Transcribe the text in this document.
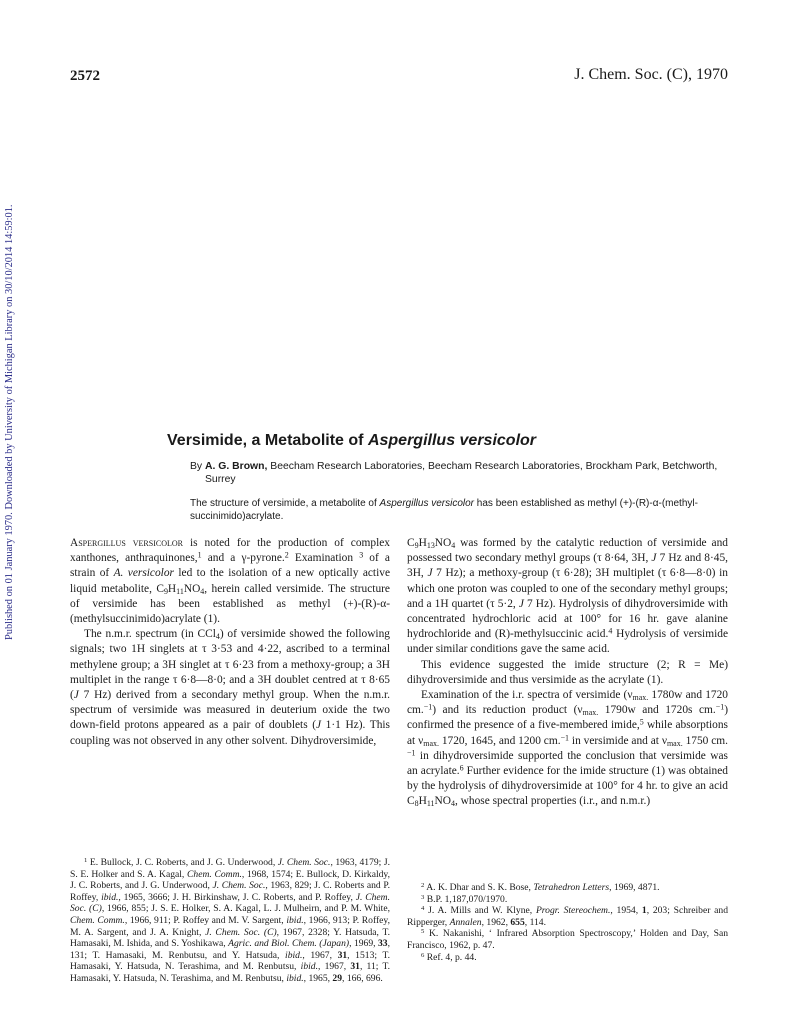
2572	J. Chem. Soc. (C), 1970
Published on 01 January 1970. Downloaded by University of Michigan Library on 30/10/2014 14:59:01.	Versimide, a Metabolite of Aspergillus versicolor
By A. G. Brown, Beecham Research Laboratories, Beecham Research Laboratories, Brockham Park, Betchworth, Surrey
The structure of versimide, a metabolite of Aspergillus versicolor has been established as methyl (+)-(R)-α-(methyl-succinimido)acrylate.

Aspergillus versicolor is noted for the production of complex xanthones, anthraquinones,$^1$ and a γ-pyrone.$^2$ Examination $^3$ of a strain of A. versicolor led to the isolation of a new optically active liquid metabolite, $C_9H_{11}NO_4$, herein called versimide. The structure of versimide has been established as methyl (+)-(R)-α-(methylsuccinimido)acrylate (1).

The n.m.r. spectrum (in CCl$_4$) of versimide showed the following signals; two 1H singlets at τ 3·53 and 4·22, ascribed to a terminal methylene group; a 3H singlet at τ 6·23 from a methoxy-group; a 3H multiplet in the range τ 6·8—8·0; and a 3H doublet centred at τ 8·65 (J 7 Hz) derived from a secondary methyl group. When the n.m.r. spectrum of versimide was measured in deuterium oxide the two down-field protons appeared as a pair of doublets (J 1·1 Hz). This coupling was not observed in any other solvent. Dihydroversimide,

$C_9H_{13}NO_4$ was formed by the catalytic reduction of versimide and possessed two secondary methyl groups (τ 8·64, 3H, J 7 Hz and 8·45, 3H, J 7 Hz); a methoxy-group (τ 6·28); 3H multiplet (τ 6·8—8·0) in which one proton was coupled to one of the secondary methyl groups; and a 1H quartet (τ 5·2, J 7 Hz). Hydrolysis of dihydroversimide with concentrated hydrochloric acid at 100° for 16 hr. gave alanine hydrochloride and (R)-methylsuccinic acid.$^4$ Hydrolysis of versimide under similar conditions gave the same acid.

This evidence suggested the imide structure (2; R = Me) dihydroversimide and thus versimide as the acrylate (1).

Examination of the i.r. spectra of versimide ($\nu_{max.}$ 1780w and 1720 cm.$^{-1}$) and its reduction product ($\nu_{max.}$ 1790w and 1720s cm.$^{-1}$) confirmed the presence of a five-membered imide,$^5$ while absorptions at $\nu_{max.}$ 1720, 1645, and 1200 cm.$^{-1}$ in versimide and at $\nu_{max.}$ 1750 cm.$^{-1}$ in dihydroversimide supported the conclusion that versimide was an acrylate.$^6$ Further evidence for the imide structure (1) was obtained by the hydrolysis of dihydroversimide at 100° for 4 hr. to give an acid $C_8H_{11}NO_4$, whose spectral properties (i.r., and n.m.r.)

$^1$ E. Bullock, J. C. Roberts, and J. G. Underwood, J. Chem. Soc., 1963, 4179; J. S. E. Holker and S. A. Kagal, Chem. Comm., 1968, 1574; E. Bullock, D. Kirkaldy, J. C. Roberts, and J. G. Underwood, J. Chem. Soc., 1963, 829; J. C. Roberts and P. Roffey, ibid., 1965, 3666; J. H. Birkinshaw, J. C. Roberts, and P. Roffey, J. Chem. Soc. (C), 1966, 855; J. S. E. Holker, S. A. Kagal, L. J. Mulheirn, and P. M. White, Chem. Comm., 1966, 911; P. Roffey and M. V. Sargent, ibid., 1966, 913; P. Roffey, M. A. Sargent, and J. A. Knight, J. Chem. Soc. (C), 1967, 2328; Y. Hatsuda, T. Hamasaki, M. Ishida, and S. Yoshikawa, Agric. and Biol. Chem. (Japan), 1969, 33, 131; T. Hamasaki, M. Renbutsu, and Y. Hatsuda, ibid., 1967, 31, 1513; T. Hamasaki, Y. Hatsuda, N. Terashima, and M. Renbutsu, ibid., 1967, 31, 11; T. Hamasaki, Y. Hatsuda, N. Terashima, and M. Renbutsu, ibid., 1965, 29, 166, 696.

$^2$ A. K. Dhar and S. K. Bose, Tetrahedron Letters, 1969, 4871.

$^3$ B.P. 1,187,070/1970.

$^4$ J. A. Mills and W. Klyne, Progr. Stereochem., 1954, 1, 203; Schreiber and Ripperger, Annalen, 1962, 655, 114.

$^5$ K. Nakanishi, ‘ Infrared Absorption Spectroscopy,’ Holden and Day, San Francisco, 1962, p. 47.

$^6$ Ref. 4, p. 44.
